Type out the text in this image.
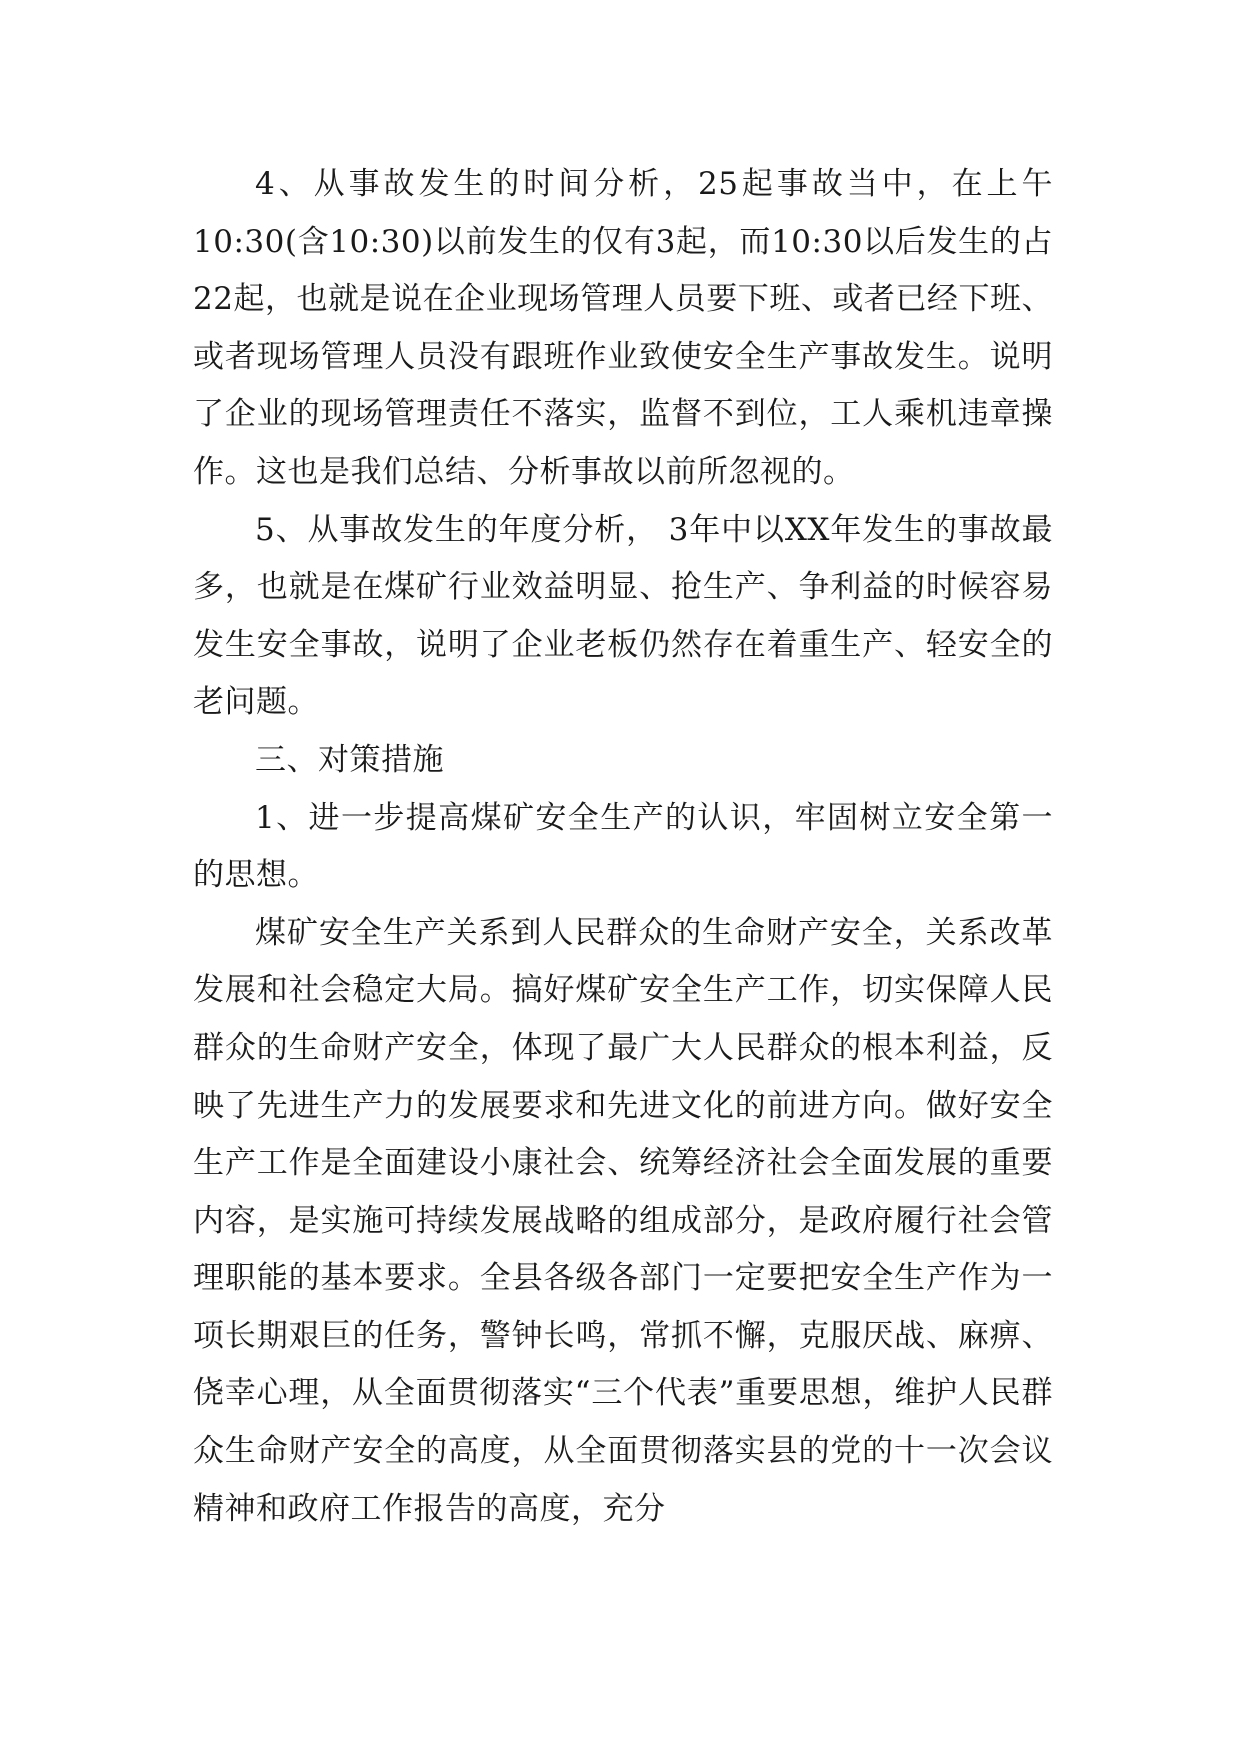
4、从事故发生的时间分析，25起事故当中，在上午10:30(含10:30)以前发生的仅有3起，而10:30以后发生的占22起，也就是说在企业现场管理人员要下班、或者已经下班、或者现场管理人员没有跟班作业致使安全生产事故发生。说明了企业的现场管理责任不落实，监督不到位，工人乘机违章操作。这也是我们总结、分析事故以前所忽视的。

5、从事故发生的年度分析， 3年中以XX年发生的事故最多，也就是在煤矿行业效益明显、抢生产、争利益的时候容易发生安全事故，说明了企业老板仍然存在着重生产、轻安全的老问题。

三、对策措施

1、进一步提高煤矿安全生产的认识，牢固树立安全第一的思想。

煤矿安全生产关系到人民群众的生命财产安全，关系改革发展和社会稳定大局。搞好煤矿安全生产工作，切实保障人民群众的生命财产安全，体现了最广大人民群众的根本利益，反映了先进生产力的发展要求和先进文化的前进方向。做好安全生产工作是全面建设小康社会、统筹经济社会全面发展的重要内容，是实施可持续发展战略的组成部分，是政府履行社会管理职能的基本要求。全县各级各部门一定要把安全生产作为一项长期艰巨的任务，警钟长鸣，常抓不懈，克服厌战、麻痹、侥幸心理，从全面贯彻落实“三个代表”重要思想，维护人民群众生命财产安全的高度，从全面贯彻落实县的党的十一次会议精神和政府工作报告的高度，充分
